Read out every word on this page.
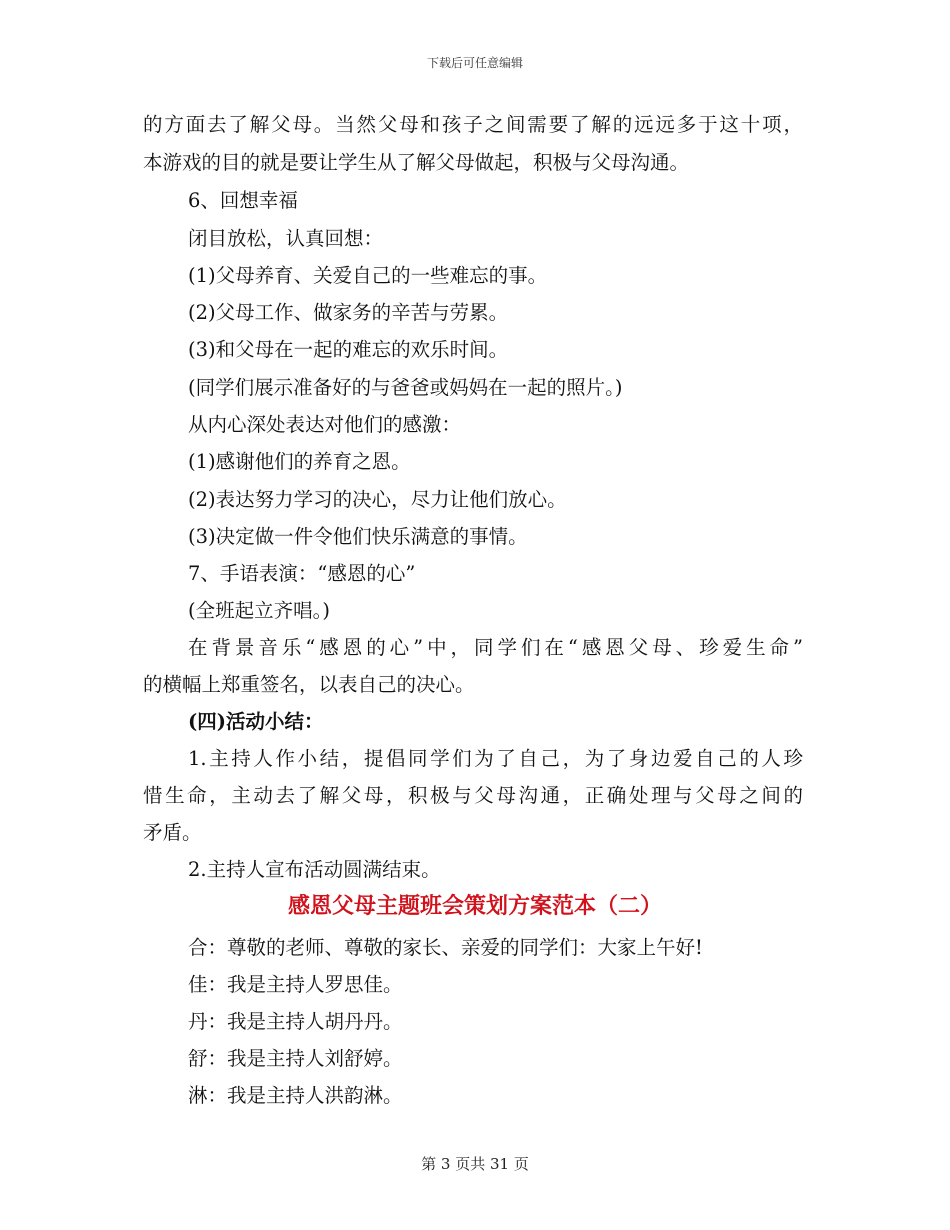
下载后可任意编辑
的方面去了解父母。当然父母和孩子之间需要了解的远远多于这十项，
本游戏的目的就是要让学生从了解父母做起，积极与父母沟通。
6、回想幸福
闭目放松，认真回想：
(1)父母养育、关爱自己的一些难忘的事。
(2)父母工作、做家务的辛苦与劳累。
(3)和父母在一起的难忘的欢乐时间。
(同学们展示准备好的与爸爸或妈妈在一起的照片。)
从内心深处表达对他们的感激：
(1)感谢他们的养育之恩。
(2)表达努力学习的决心，尽力让他们放心。
(3)决定做一件令他们快乐满意的事情。
7、手语表演：“感恩的心”
(全班起立齐唱。)
在背景音乐“感恩的心”中，同学们在“感恩父母、珍爱生命”
的横幅上郑重签名，以表自己的决心。
(四)活动小结：
1.主持人作小结，提倡同学们为了自己，为了身边爱自己的人珍
惜生命，主动去了解父母，积极与父母沟通，正确处理与父母之间的
矛盾。
2.主持人宣布活动圆满结束。
感恩父母主题班会策划方案范本（二）
合：尊敬的老师、尊敬的家长、亲爱的同学们：大家上午好!
佳：我是主持人罗思佳。
丹：我是主持人胡丹丹。
舒：我是主持人刘舒婷。
淋：我是主持人洪韵淋。
第 3 页共 31 页
